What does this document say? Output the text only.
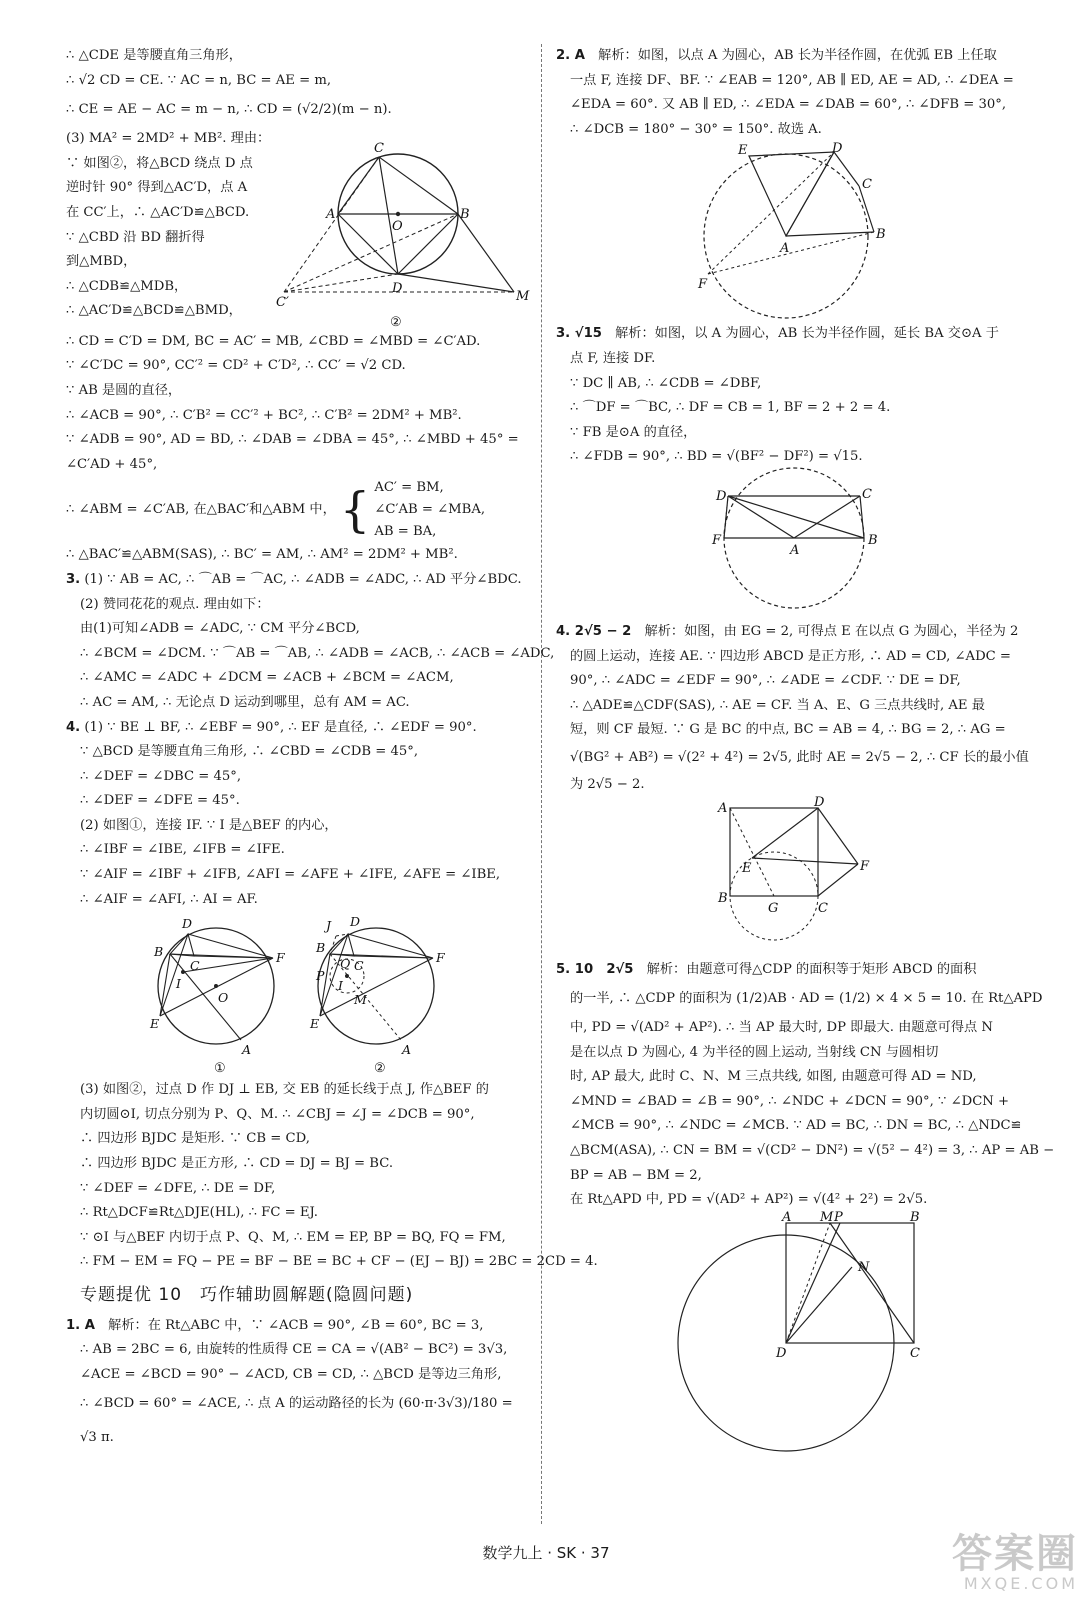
∴ △CDE 是等腰直角三角形，
∴ √2 CD = CE. ∵ AC = n, BC = AE = m,
∴ CE = AE − AC = m − n, ∴ CD = (√2/2)(m − n).
(3) MA² = 2MD² + MB². 理由：
∵ 如图②，将△BCD 绕点 D 点
逆时针 90° 得到△AC′D，点 A
在 CC′上，∴ △AC′D≌△BCD.
∵ △CBD 沿 BD 翻折得
到△MBD，
∴ △CDB≌△MDB，
∴ △AC′D≌△BCD≌△BMD，
C
A
O
B
D
C′	M
②
∴ CD = C′D = DM, BC = AC′ = MB, ∠CBD = ∠MBD = ∠C′AD.
∵ ∠C′DC = 90°, CC′² = CD² + C′D², ∴ CC′ = √2 CD.
∵ AB 是圆的直径，
∴ ∠ACB = 90°, ∴ C′B² = CC′² + BC², ∴ C′B² = 2DM² + MB².
∵ ∠ADB = 90°, AD = BD, ∴ ∠DAB = ∠DBA = 45°, ∴ ∠MBD + 45° =
∠C′AD + 45°,
∴ ∠ABM = ∠C′AB, 在△BAC′和△ABM 中， { AC′ = BM,
∠C′AB = ∠MBA,
AB = BA,
∴ △BAC′≌△ABM(SAS), ∴ BC′ = AM, ∴ AM² = 2DM² + MB².
3. (1) ∵ AB = AC, ∴ ⌒AB = ⌒AC, ∴ ∠ADB = ∠ADC, ∴ AD 平分∠BDC.
(2) 赞同花花的观点. 理由如下：
由(1)可知∠ADB = ∠ADC, ∵ CM 平分∠BCD,
∴ ∠BCM = ∠DCM. ∵ ⌒AB = ⌒AB, ∴ ∠ADB = ∠ACB, ∴ ∠ACB = ∠ADC,
∴ ∠AMC = ∠ADC + ∠DCM = ∠ACB + ∠BCM = ∠ACM,
∴ AC = AM, ∴ 无论点 D 运动到哪里，总有 AM = AC.
4. (1) ∵ BE ⊥ BF, ∴ ∠EBF = 90°, ∴ EF 是直径, ∴ ∠EDF = 90°.
∵ △BCD 是等腰直角三角形, ∴ ∠CBD = ∠CDB = 45°,
∴ ∠DEF = ∠DBC = 45°,
∴ ∠DEF = ∠DFE = 45°.
(2) 如图①，连接 IF. ∵ I 是△BEF 的内心，
∴ ∠IBF = ∠IBE, ∠IFB = ∠IFE.
∵ ∠AIF = ∠IBF + ∠IFB, ∠AFI = ∠AFE + ∠IFE, ∠AFE = ∠IBE,
∴ ∠AIF = ∠AFI, ∴ AI = AF.
D
B
C
F
I
O
E
A
①
J D
B
C
F
P
Q
I
M
E
A
②
(3) 如图②，过点 D 作 DJ ⊥ EB, 交 EB 的延长线于点 J, 作△BEF 的
内切圆⊙I, 切点分别为 P、Q、M. ∴ ∠CBJ = ∠J = ∠DCB = 90°,
∴ 四边形 BJDC 是矩形. ∵ CB = CD,
∴ 四边形 BJDC 是正方形, ∴ CD = DJ = BJ = BC.
∵ ∠DEF = ∠DFE, ∴ DE = DF,
∴ Rt△DCF≌Rt△DJE(HL), ∴ FC = EJ.
∵ ⊙I 与△BEF 内切于点 P、Q、M, ∴ EM = EP, BP = BQ, FQ = FM,
∴ FM − EM = FQ − PE = BF − BE = BC + CF − (EJ − BJ) = 2BC = 2CD = 4.
专题提优 10　巧作辅助圆解题(隐圆问题)
1. A　 解析：在 Rt△ABC 中，∵ ∠ACB = 90°, ∠B = 60°, BC = 3,
∴ AB = 2BC = 6, 由旋转的性质得 CE = CA = √(AB² − BC²) = 3√3,
∠ACE = ∠BCD = 90° − ∠ACD, CB = CD, ∴ △BCD 是等边三角形,
∴ ∠BCD = 60° = ∠ACE, ∴ 点 A 的运动路径的长为 (60·π·3√3)/180 =
√3 π.
2. A　 解析：如图，以点 A 为圆心，AB 长为半径作圆，在优弧 EB 上任取
一点 F, 连接 DF、BF. ∵ ∠EAB = 120°, AB ∥ ED, AE = AD, ∴ ∠DEA =
∠EDA = 60°. 又 AB ∥ ED, ∴ ∠EDA = ∠DAB = 60°, ∴ ∠DFB = 30°,
∴ ∠DCB = 180° − 30° = 150°. 故选 A.
E	D
C
A
B
F
3. √15　 解析：如图，以 A 为圆心，AB 长为半径作圆，延长 BA 交⊙A 于
点 F, 连接 DF.
∵ DC ∥ AB, ∴ ∠CDB = ∠DBF,
∴ ⌒DF = ⌒BC, ∴ DF = CB = 1, BF = 2 + 2 = 4.
∵ FB 是⊙A 的直径，
∴ ∠FDB = 90°, ∴ BD = √(BF² − DF²) = √15.
D	C
F
A
B
4. 2√5 − 2　 解析：如图，由 EG = 2, 可得点 E 在以点 G 为圆心，半径为 2
的圆上运动，连接 AE. ∵ 四边形 ABCD 是正方形, ∴ AD = CD, ∠ADC =
90°, ∴ ∠ADC = ∠EDF = 90°, ∴ ∠ADE = ∠CDF. ∵ DE = DF,
∴ △ADE≌△CDF(SAS), ∴ AE = CF. 当 A、E、G 三点共线时, AE 最
短，则 CF 最短. ∵ G 是 BC 的中点, BC = AB = 4, ∴ BG = 2, ∴ AG =
√(BG² + AB²) = √(2² + 4²) = 2√5, 此时 AE = 2√5 − 2, ∴ CF 长的最小值
为 2√5 − 2.
A	D
E	F
B
G	C
5. 10　2√5　 解析：由题意可得△CDP 的面积等于矩形 ABCD 的面积
的一半, ∴ △CDP 的面积为 (1/2)AB · AD = (1/2) × 4 × 5 = 10. 在 Rt△APD
中, PD = √(AD² + AP²). ∴ 当 AP 最大时, DP 即最大. 由题意可得点 N
是在以点 D 为圆心, 4 为半径的圆上运动, 当射线 CN 与圆相切
时, AP 最大, 此时 C、N、M 三点共线, 如图, 由题意可得 AD = ND,
∠MND = ∠BAD = ∠B = 90°, ∴ ∠NDC + ∠DCN = 90°, ∵ ∠DCN +
∠MCB = 90°, ∴ ∠NDC = ∠MCB. ∵ AD = BC, ∴ DN = BC, ∴ △NDC≌
△BCM(ASA), ∴ CN = BM = √(CD² − DN²) = √(5² − 4²) = 3, ∴ AP = AB −
BP = AB − BM = 2,
在 Rt△APD 中, PD = √(AD² + AP²) = √(4² + 2²) = 2√5.
A M P	B
N
D	C
数学九上 · SK · 37	答案圈
MXQE.COM
